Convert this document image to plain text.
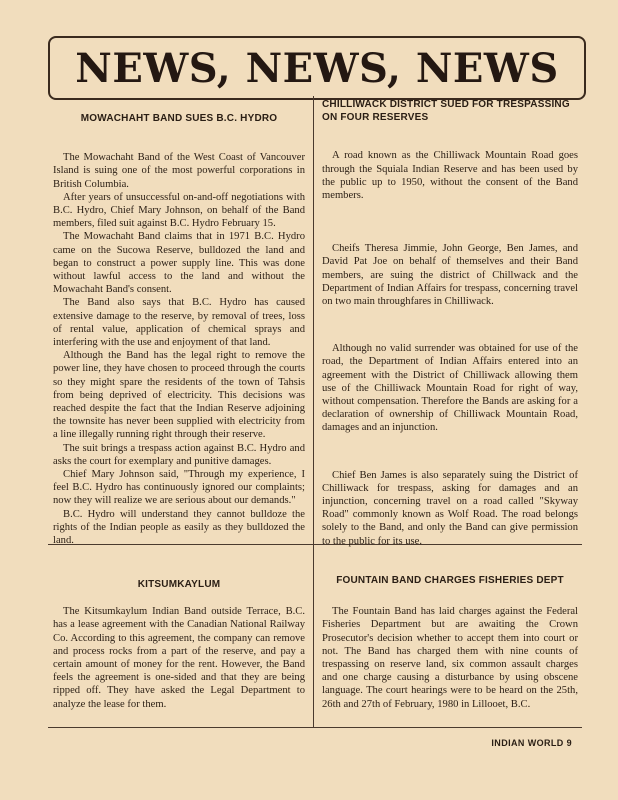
NEWS, NEWS, NEWS
MOWACHAHT BAND SUES B.C. HYDRO

The Mowachaht Band of the West Coast of Vancouver Island is suing one of the most powerful corporations in British Columbia.

After years of unsuccessful on-and-off negotiations with B.C. Hydro, Chief Mary Johnson, on behalf of the Band members, filed suit against B.C. Hydro February 15.

The Mowachaht Band claims that in 1971 B.C. Hydro came on the Sucowa Reserve, bulldozed the land and began to construct a power supply line. This was done without lawful access to the land and without the Mowachaht Band's consent.

The Band also says that B.C. Hydro has caused extensive damage to the reserve, by removal of trees, loss of rental value, application of chemical sprays and interfering with the use and enjoyment of that land.

Although the Band has the legal right to remove the power line, they have chosen to proceed through the courts so they might spare the residents of the town of Tahsis from being deprived of electricity. This decisions was reached despite the fact that the Indian Reserve adjoining the townsite has never been supplied with electricity from a line illegally running right through their reserve.

The suit brings a trespass action against B.C. Hydro and asks the court for exemplary and punitive damages.

Chief Mary Johnson said, "Through my experience, I feel B.C. Hydro has continuously ignored our complaints; now they will realize we are serious about our demands."

B.C. Hydro will understand they cannot bulldoze the rights of the Indian people as easily as they bulldozed the land.

CHILLIWACK DISTRICT SUED FOR TRESPASSING ON FOUR RESERVES

A road known as the Chilliwack Mountain Road goes through the Squiala Indian Reserve and has been used by the public up to 1950, without the consent of the Band members.

Cheifs Theresa Jimmie, John George, Ben James, and David Pat Joe on behalf of themselves and their Band members, are suing the district of Chillwack and the Department of Indian Affairs for trespass, concerning travel on two main throughfares in Chilliwack.

Although no valid surrender was obtained for use of the road, the Department of Indian Affairs entered into an agreement with the District of Chilliwack allowing them use of the Chilliwack Mountain Road for right of way, without compensation. Therefore the Bands are asking for a declaration of ownership of Chilliwack Mountain Road, damages and an injunction.

Chief Ben James is also separately suing the District of Chilliwack for trespass, asking for damages and an injunction, concerning travel on a road called "Skyway Road" commonly known as Wolf Road. The road belongs solely to the Band, and only the Band can give permission to the public for its use.

KITSUMKAYLUM

The Kitsumkaylum Indian Band outside Terrace, B.C. has a lease agreement with the Canadian National Railway Co. According to this agreement, the company can remove and process rocks from a part of the reserve, and pay a certain amount of money for the rent. However, the Band feels the agreement is one-sided and that they are being ripped off. They have asked the Legal Department to analyze the lease for them.

FOUNTAIN BAND CHARGES FISHERIES DEPT

The Fountain Band has laid charges against the Federal Fisheries Department but are awaiting the Crown Prosecutor's decision whether to accept them into court or not. The Band has charged them with nine counts of trespassing on reserve land, six common assault charges and one charge causing a disturbance by using obscene language. The court hearings were to be heard on the 25th, 26th and 27th of February, 1980 in Lillooet, B.C.

INDIAN WORLD 9
